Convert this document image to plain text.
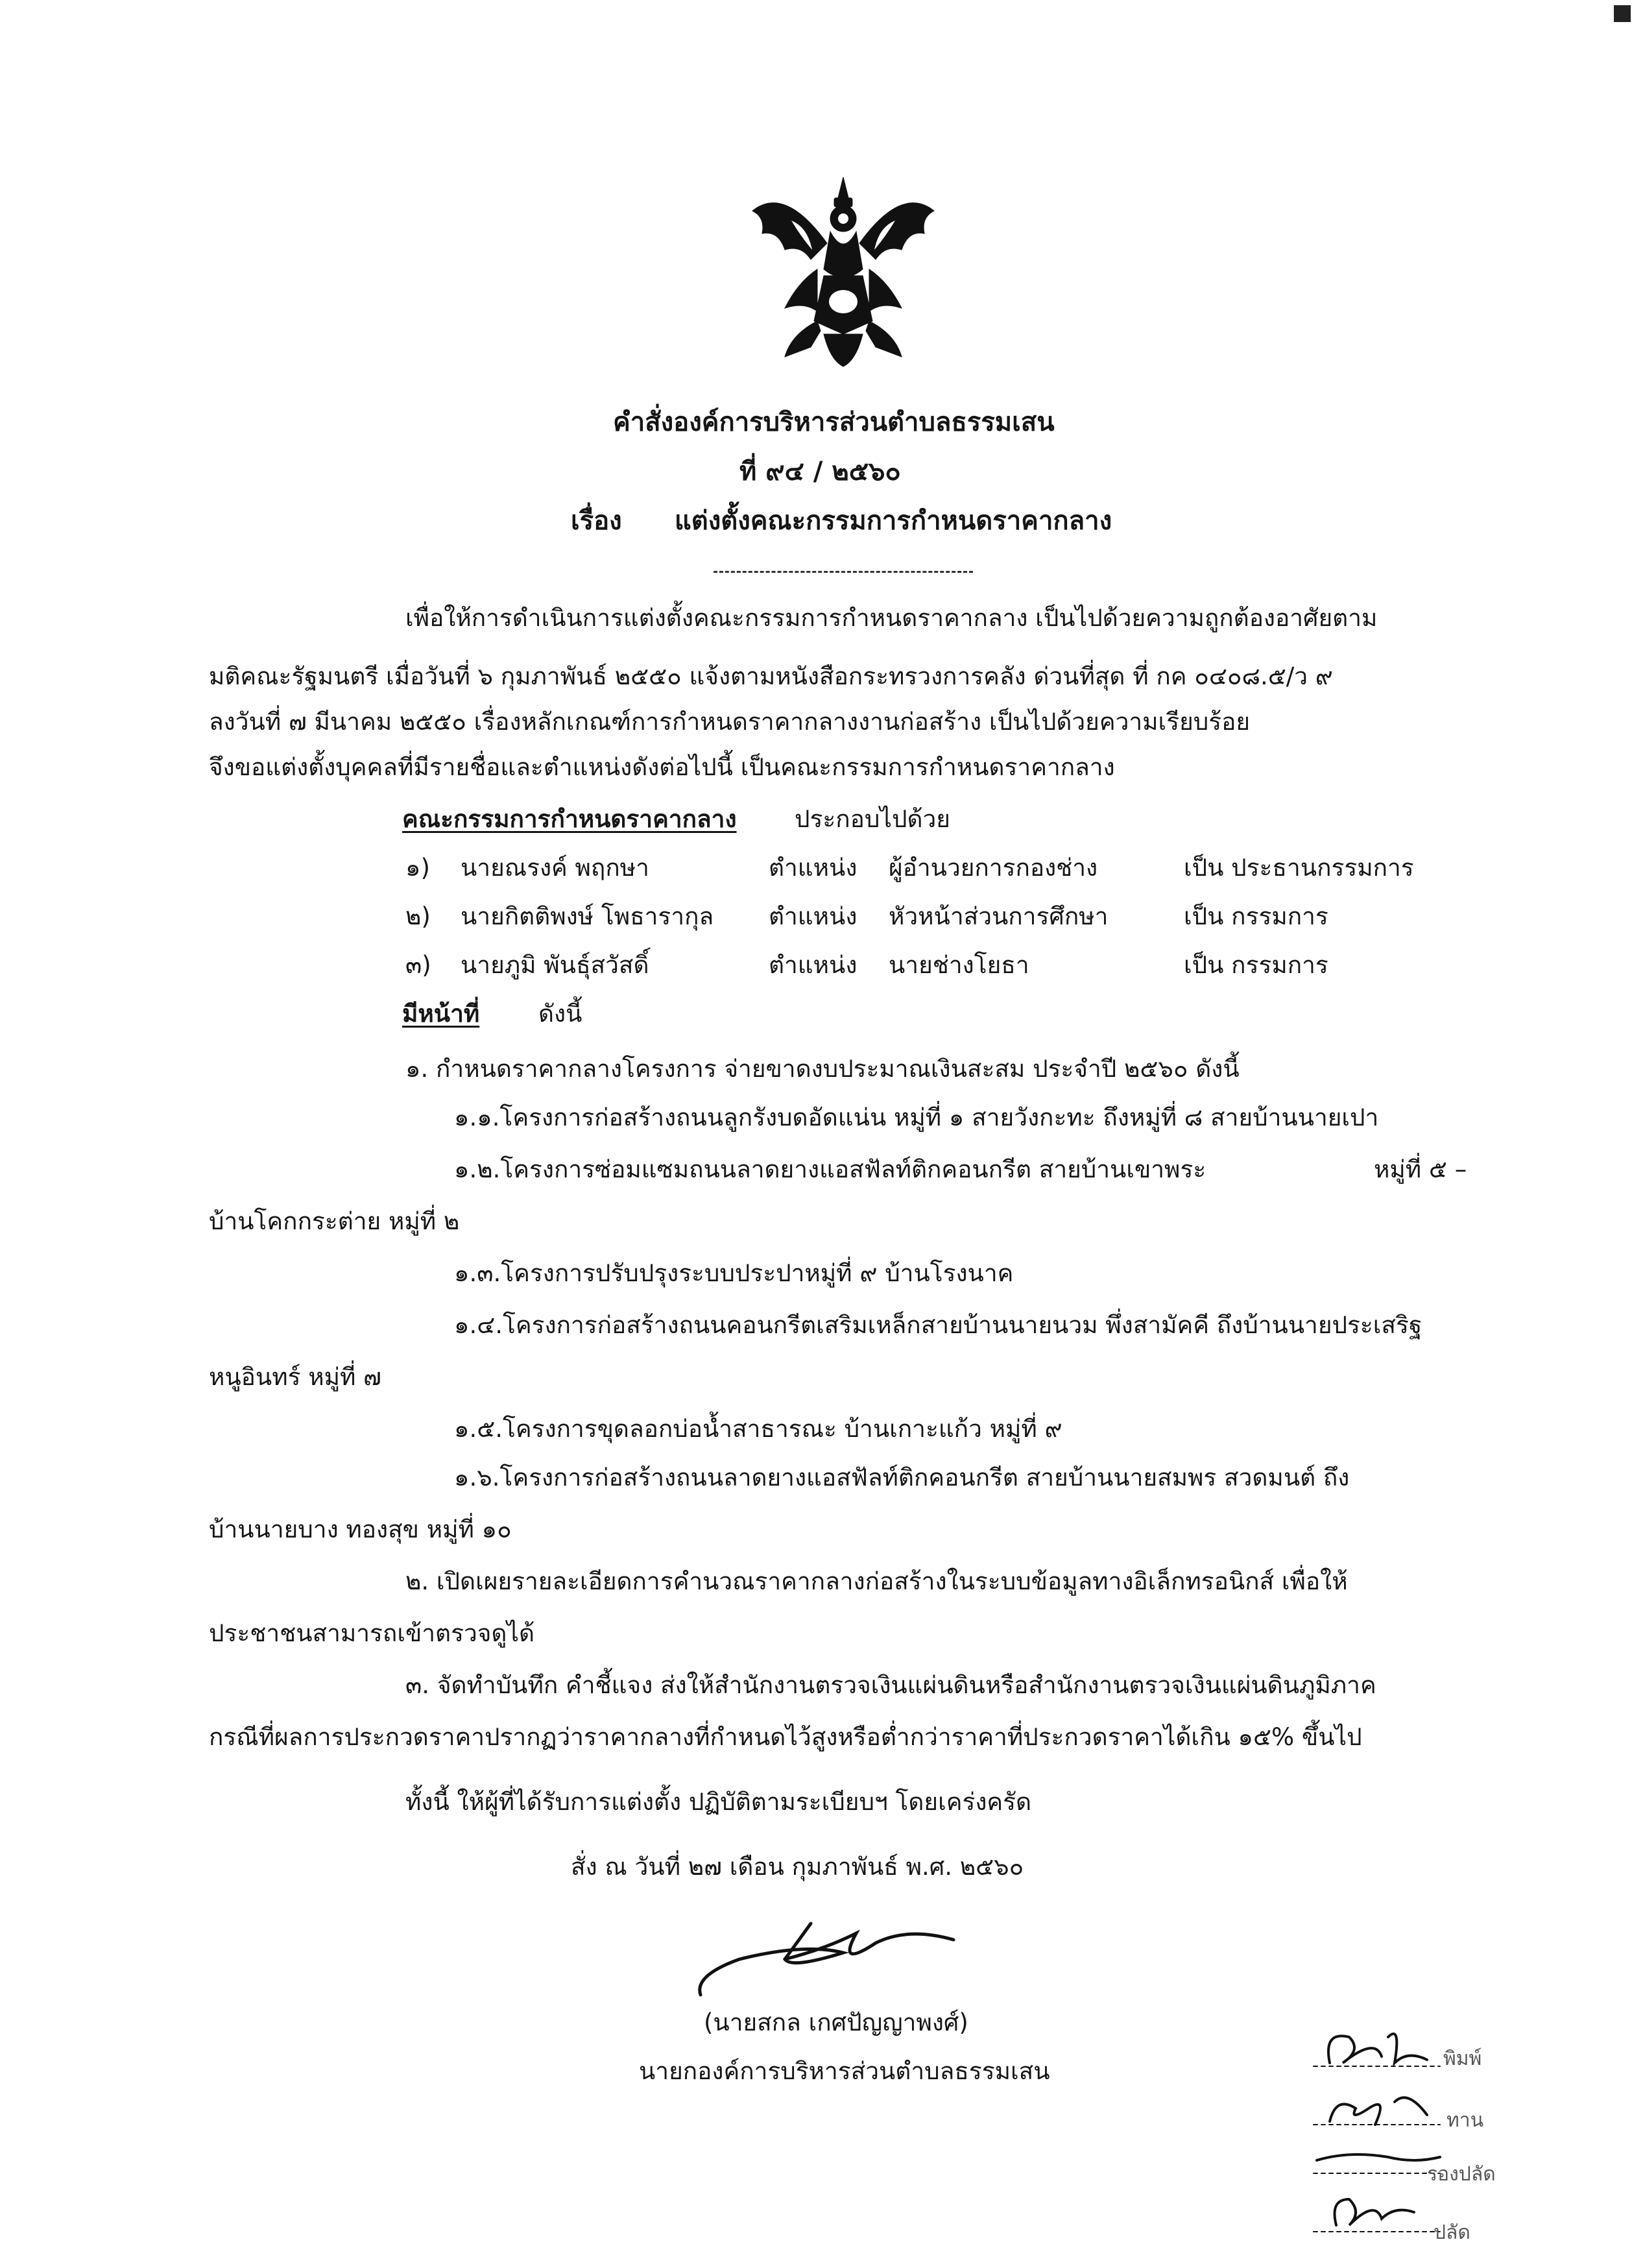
คำสั่งองค์การบริหารส่วนตำบลธรรมเสน
ที่ ๙๔ / ๒๕๖๐
เรื่อง แต่งตั้งคณะกรรมการกำหนดราคากลาง
เพื่อให้การดำเนินการแต่งตั้งคณะกรรมการกำหนดราคากลาง เป็นไปด้วยความถูกต้องอาศัยตาม
มติคณะรัฐมนตรี เมื่อวันที่ ๖ กุมภาพันธ์ ๒๕๕๐ แจ้งตามหนังสือกระทรวงการคลัง ด่วนที่สุด ที่ กค ๐๔๐๘.๕/ว ๙
ลงวันที่ ๗ มีนาคม ๒๕๕๐ เรื่องหลักเกณฑ์การกำหนดราคากลางงานก่อสร้าง เป็นไปด้วยความเรียบร้อย
จึงขอแต่งตั้งบุคคลที่มีรายชื่อและตำแหน่งดังต่อไปนี้ เป็นคณะกรรมการกำหนดราคากลาง
คณะกรรมการกำหนดราคากลาง ประกอบไปด้วย
๑) นายณรงค์ พฤกษา	ตำแหน่ง ผู้อำนวยการกองช่าง	เป็น ประธานกรรมการ
๒) นายกิตติพงษ์ โพธารากุล ตำแหน่ง หัวหน้าส่วนการศึกษา	เป็น กรรมการ
๓) นายภูมิ พันธุ์สวัสดิ์	ตำแหน่ง นายช่างโยธา	เป็น กรรมการ
มีหน้าที่ ดังนี้
๑. กำหนดราคากลางโครงการ จ่ายขาดงบประมาณเงินสะสม ประจำปี ๒๕๖๐ ดังนี้
๑.๑.โครงการก่อสร้างถนนลูกรังบดอัดแน่น หมู่ที่ ๑ สายวังกะทะ ถึงหมู่ที่ ๘ สายบ้านนายเปา
๑.๒.โครงการซ่อมแซมถนนลาดยางแอสฟัลท์ติกคอนกรีต สายบ้านเขาพระ	หมู่ที่ ๕ –
บ้านโคกกระต่าย หมู่ที่ ๒
๑.๓.โครงการปรับปรุงระบบประปาหมู่ที่ ๙ บ้านโรงนาค
๑.๔.โครงการก่อสร้างถนนคอนกรีตเสริมเหล็กสายบ้านนายนวม พึ่งสามัคคี ถึงบ้านนายประเสริฐ
หนูอินทร์ หมู่ที่ ๗
๑.๕.โครงการขุดลอกบ่อน้ำสาธารณะ บ้านเกาะแก้ว หมู่ที่ ๙
๑.๖.โครงการก่อสร้างถนนลาดยางแอสฟัลท์ติกคอนกรีต สายบ้านนายสมพร สวดมนต์ ถึง
บ้านนายบาง ทองสุข หมู่ที่ ๑๐
๒. เปิดเผยรายละเอียดการคำนวณราคากลางก่อสร้างในระบบข้อมูลทางอิเล็กทรอนิกส์ เพื่อให้
ประชาชนสามารถเข้าตรวจดูได้
๓. จัดทำบันทึก คำชี้แจง ส่งให้สำนักงานตรวจเงินแผ่นดินหรือสำนักงานตรวจเงินแผ่นดินภูมิภาค
กรณีที่ผลการประกวดราคาปรากฏว่าราคากลางที่กำหนดไว้สูงหรือต่ำกว่าราคาที่ประกวดราคาได้เกิน ๑๕% ขึ้นไป
ทั้งนี้ ให้ผู้ที่ได้รับการแต่งตั้ง ปฏิบัติตามระเบียบฯ โดยเคร่งครัด
สั่ง ณ วันที่ ๒๗ เดือน กุมภาพันธ์ พ.ศ. ๒๕๖๐
(นายสกล เกศปัญญาพงศ์)
นายกองค์การบริหารส่วนตำบลธรรมเสน	พิมพ์
ทาน
รองปลัด
ปลัด
